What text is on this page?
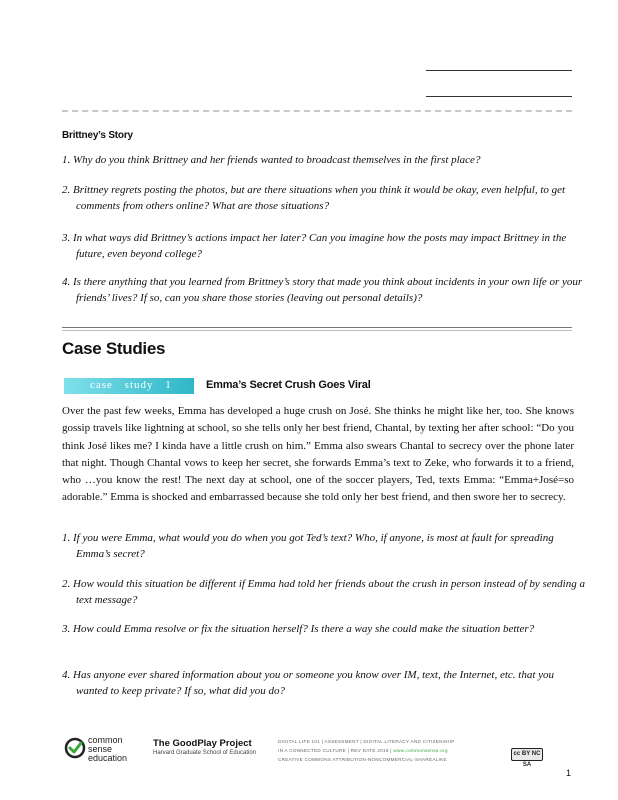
Brittney’s Story
1. Why do you think Brittney and her friends wanted to broadcast themselves in the first place?
2. Brittney regrets posting the photos, but are there situations when you think it would be okay, even helpful, to get comments from others online? What are those situations?
3. In what ways did Brittney’s actions impact her later? Can you imagine how the posts may impact Brittney in the future, even beyond college?
4. Is there anything that you learned from Brittney’s story that made you think about incidents in your own life or your friends’ lives? If so, can you share those stories (leaving out personal details)?
Case Studies
case study 1	Emma’s Secret Crush Goes Viral
Over the past few weeks, Emma has developed a huge crush on José. She thinks he might like her, too. She knows gossip travels like lightning at school, so she tells only her best friend, Chantal, by texting her after school: “Do you think José likes me? I kinda have a little crush on him.” Emma also swears Chantal to secrecy over the phone later that night. Though Chantal vows to keep her secret, she forwards Emma’s text to Zeke, who forwards it to a friend, who …you know the rest! The next day at school, one of the soccer players, Ted, texts Emma: “Emma+José=so adorable.” Emma is shocked and embarrassed because she told only her best friend, and then swore her to secrecy.
1. If you were Emma, what would you do when you got Ted’s text? Who, if anyone, is most at fault for spreading Emma’s secret?
2. How would this situation be different if Emma had told her friends about the crush in person instead of by sending a text message?
3. How could Emma resolve or fix the situation herself? Is there a way she could make the situation better?
4. Has anyone ever shared information about you or someone you know over IM, text, the Internet, etc. that you wanted to keep private? If so, what did you do?
common
sense
education
The GoodPlay Project
Harvard Graduate School of Education
DIGITAL LIFE 101 | ASSESSMENT | DIGITAL LITERACY AND CITIZENSHIP
IN A CONNECTED CULTURE | REV DATE 2019 | www.commonsense.org
CREATIVE COMMONS ATTRIBUTION-NONCOMMERCIAL-SHAREALIKE
cc BY NC SA
1
